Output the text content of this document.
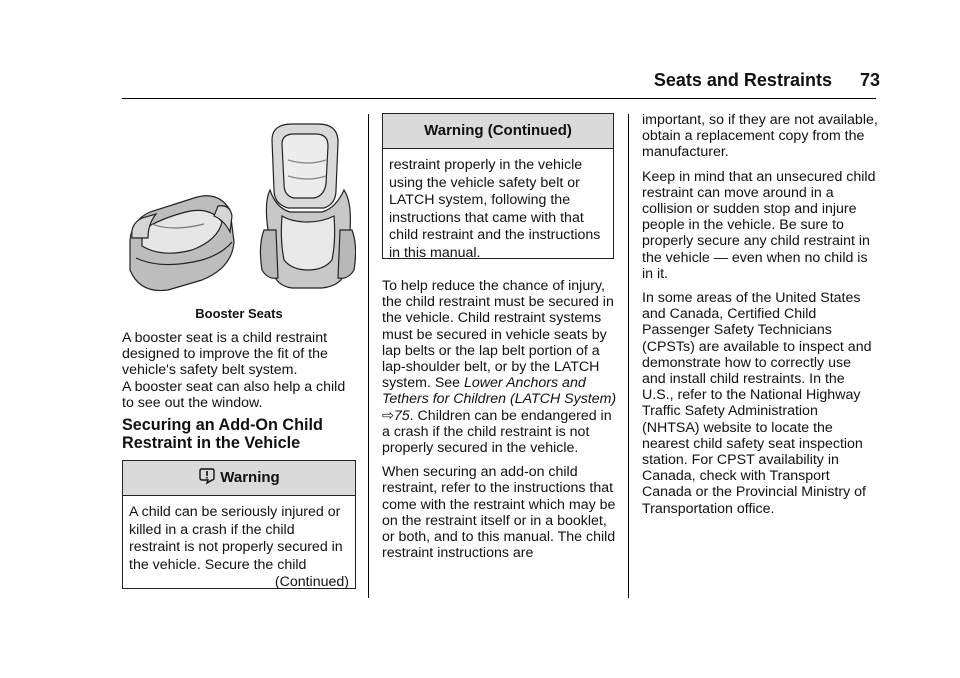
Seats and Restraints 73
Booster Seats

A booster seat is a child restraint designed to improve the fit of the vehicle's safety belt system.

A booster seat can also help a child to see out the window.

Securing an Add-On Child Restraint in the Vehicle
Warning
A child can be seriously injured or killed in a crash if the child restraint is not properly secured in the vehicle. Secure the child
(Continued)
Warning (Continued)
restraint properly in the vehicle using the vehicle safety belt or LATCH system, following the instructions that came with that child restraint and the instructions in this manual.

To help reduce the chance of injury, the child restraint must be secured in the vehicle. Child restraint systems must be secured in vehicle seats by lap belts or the lap belt portion of a lap-shoulder belt, or by the LATCH system. See Lower Anchors and Tethers for Children (LATCH System) ⇨75. Children can be endangered in a crash if the child restraint is not properly secured in the vehicle.

When securing an add-on child restraint, refer to the instructions that come with the restraint which may be on the restraint itself or in a booklet, or both, and to this manual. The child restraint instructions are

important, so if they are not available, obtain a replacement copy from the manufacturer.

Keep in mind that an unsecured child restraint can move around in a collision or sudden stop and injure people in the vehicle. Be sure to properly secure any child restraint in the vehicle — even when no child is in it.

In some areas of the United States and Canada, Certified Child Passenger Safety Technicians (CPSTs) are available to inspect and demonstrate how to correctly use and install child restraints. In the U.S., refer to the National Highway Traffic Safety Administration (NHTSA) website to locate the nearest child safety seat inspection station. For CPST availability in Canada, check with Transport Canada or the Provincial Ministry of Transportation office.
